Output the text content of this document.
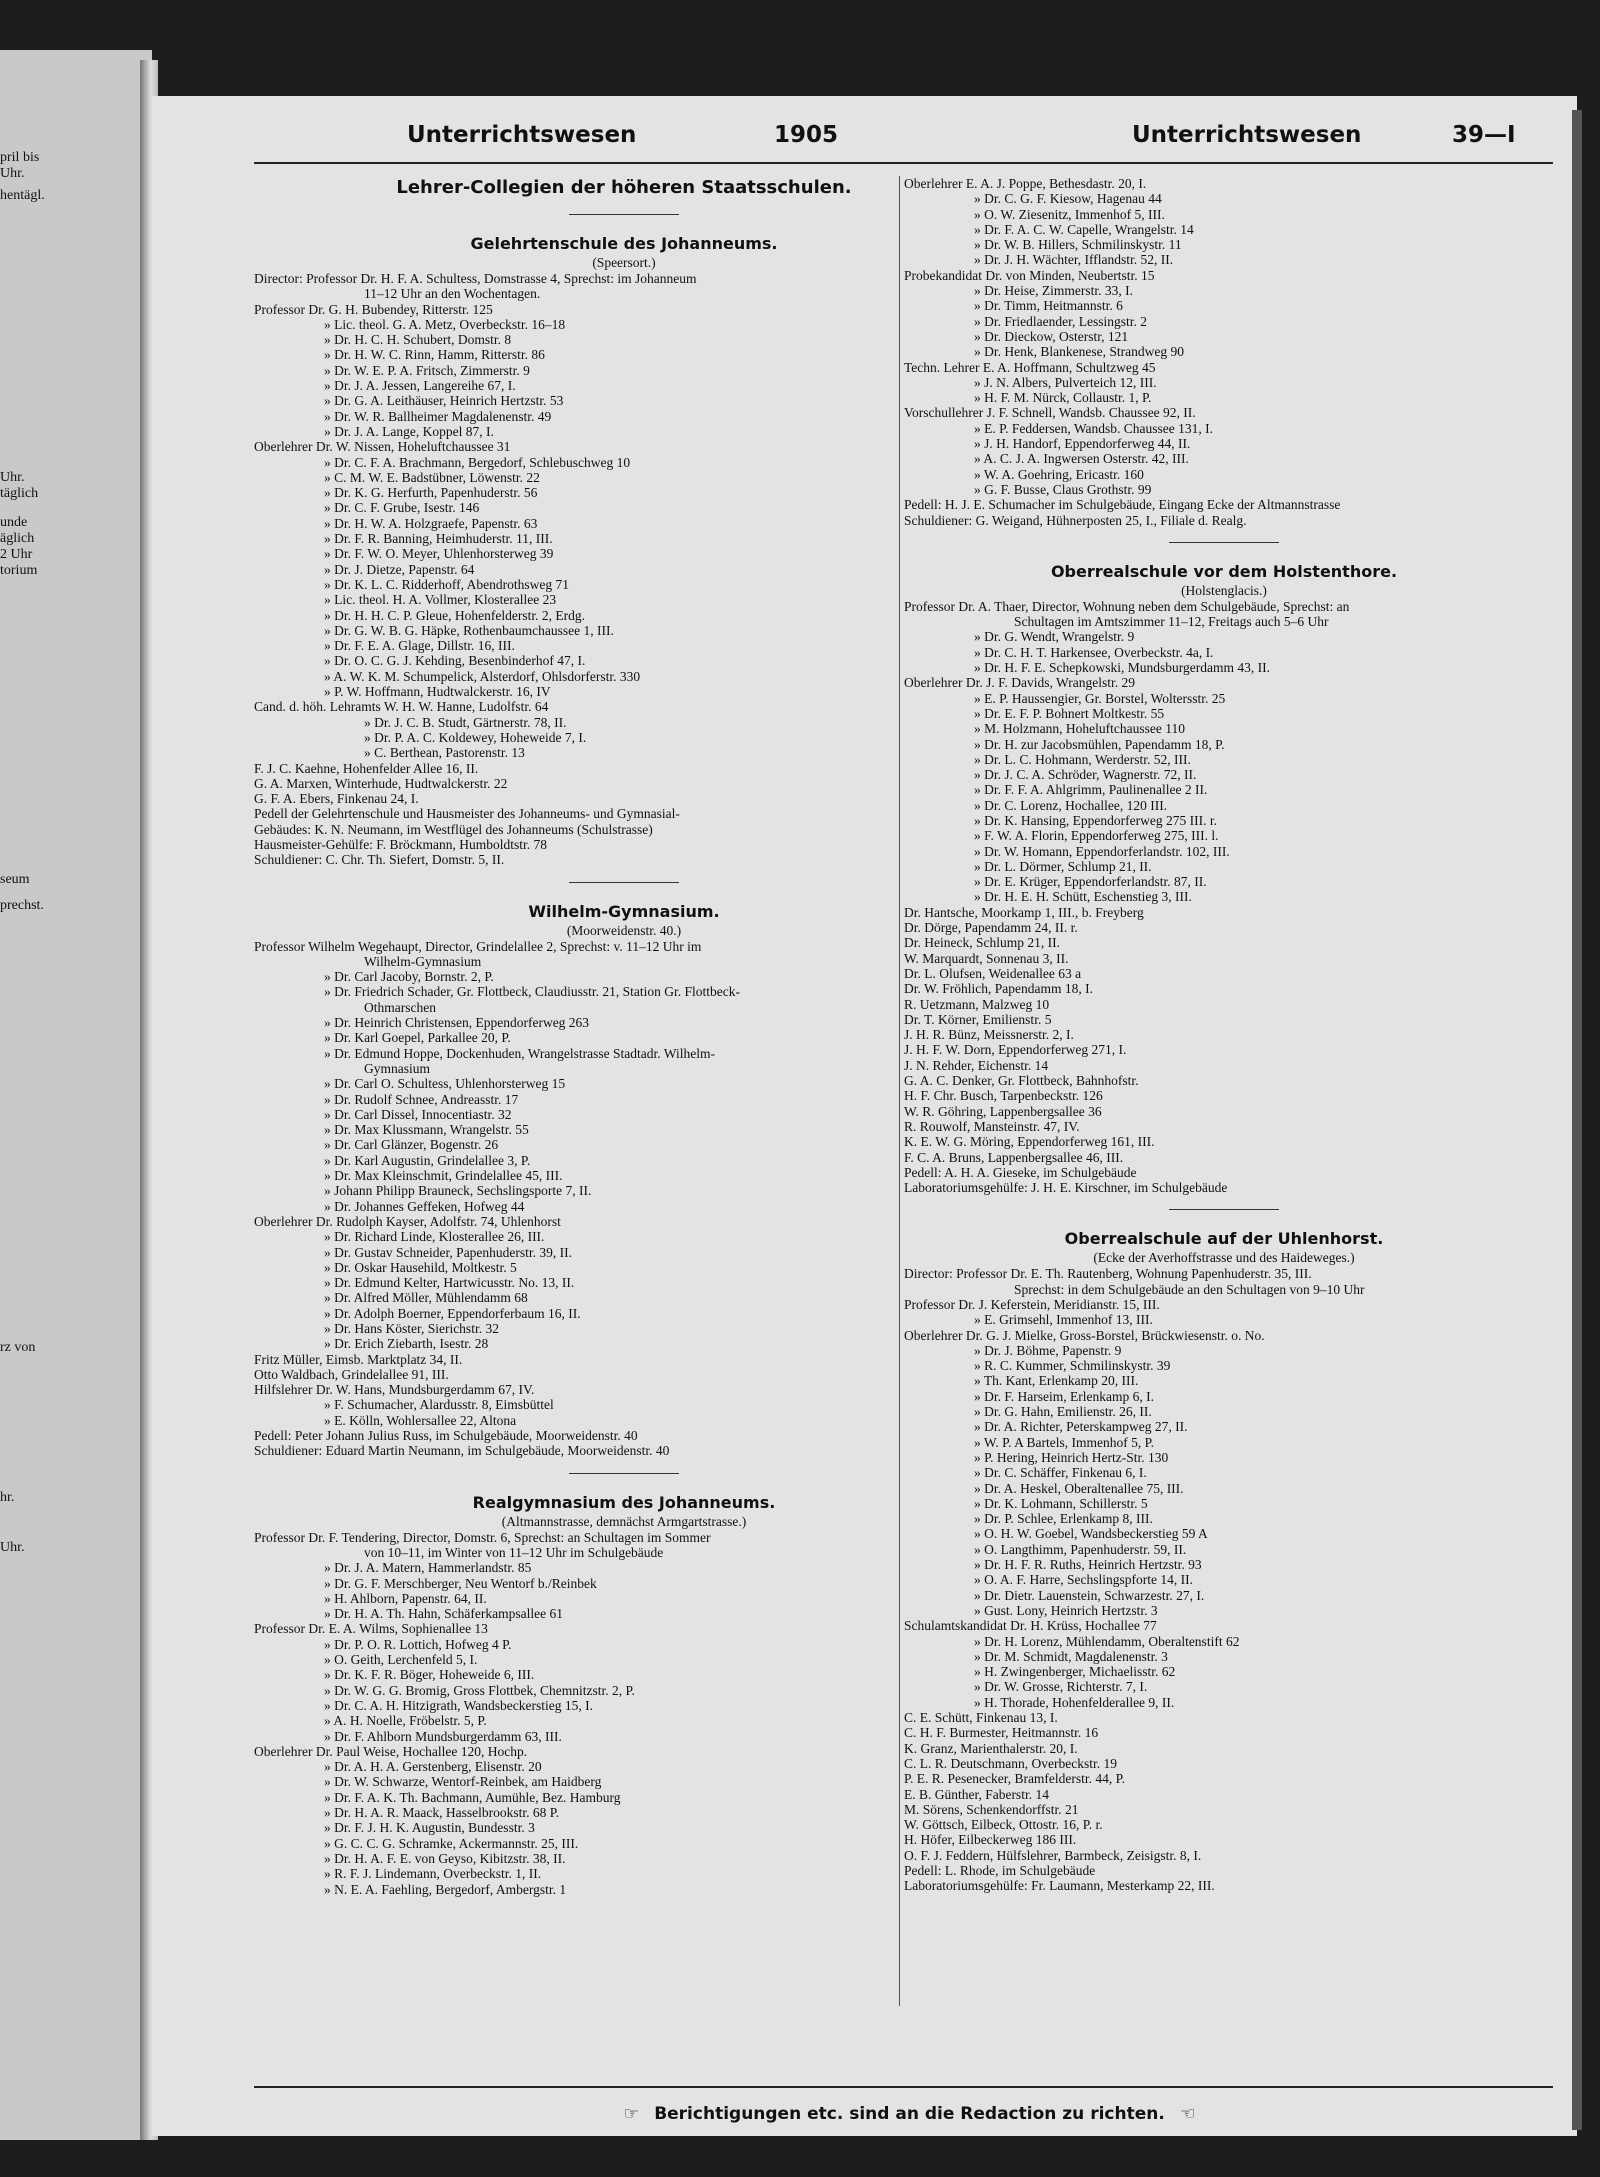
pril bis
Uhr.
hentägl.
Uhr.
täglich
unde
äglich
2 Uhr
torium
seum
prechst.
rz von
hr.
Uhr.
Unterrichtswesen	1905	Unterrichtswesen	39—I
Lehrer-Collegien der höheren Staatsschulen.
Gelehrtenschule des Johanneums.
(Speersort.)
Director: Professor Dr. H. F. A. Schultess, Domstrasse 4, Sprechst: im Johanneum
11–12 Uhr an den Wochentagen.
Professor Dr. G. H. Bubendey, Ritterstr. 125
» Lic. theol. G. A. Metz, Overbeckstr. 16–18
» Dr. H. C. H. Schubert, Domstr. 8
» Dr. H. W. C. Rinn, Hamm, Ritterstr. 86
» Dr. W. E. P. A. Fritsch, Zimmerstr. 9
» Dr. J. A. Jessen, Langereihe 67, I.
» Dr. G. A. Leithäuser, Heinrich Hertzstr. 53
» Dr. W. R. Ballheimer Magdalenenstr. 49
» Dr. J. A. Lange, Koppel 87, I.
Oberlehrer Dr. W. Nissen, Hoheluftchaussee 31
» Dr. C. F. A. Brachmann, Bergedorf, Schlebuschweg 10
» C. M. W. E. Badstübner, Löwenstr. 22
» Dr. K. G. Herfurth, Papenhuderstr. 56
» Dr. C. F. Grube, Isestr. 146
» Dr. H. W. A. Holzgraefe, Papenstr. 63
» Dr. F. R. Banning, Heimhuderstr. 11, III.
» Dr. F. W. O. Meyer, Uhlenhorsterweg 39
» Dr. J. Dietze, Papenstr. 64
» Dr. K. L. C. Ridderhoff, Abendrothsweg 71
» Lic. theol. H. A. Vollmer, Klosterallee 23
» Dr. H. H. C. P. Gleue, Hohenfelderstr. 2, Erdg.
» Dr. G. W. B. G. Häpke, Rothenbaumchaussee 1, III.
» Dr. F. E. A. Glage, Dillstr. 16, III.
» Dr. O. C. G. J. Kehding, Besenbinderhof 47, I.
» A. W. K. M. Schumpelick, Alsterdorf, Ohlsdorferstr. 330
» P. W. Hoffmann, Hudtwalckerstr. 16, IV
Cand. d. höh. Lehramts W. H. W. Hanne, Ludolfstr. 64
» Dr. J. C. B. Studt, Gärtnerstr. 78, II.
» Dr. P. A. C. Koldewey, Hoheweide 7, I.
» C. Berthean, Pastorenstr. 13
F. J. C. Kaehne, Hohenfelder Allee 16, II.
G. A. Marxen, Winterhude, Hudtwalckerstr. 22
G. F. A. Ebers, Finkenau 24, I.
Pedell der Gelehrtenschule und Hausmeister des Johanneums- und Gymnasial-
Gebäudes: K. N. Neumann, im Westflügel des Johanneums (Schulstrasse)
Hausmeister-Gehülfe: F. Bröckmann, Humboldtstr. 78
Schuldiener: C. Chr. Th. Siefert, Domstr. 5, II.
Wilhelm-Gymnasium.
(Moorweidenstr. 40.)
Professor Wilhelm Wegehaupt, Director, Grindelallee 2, Sprechst: v. 11–12 Uhr im
Wilhelm-Gymnasium
» Dr. Carl Jacoby, Bornstr. 2, P.
» Dr. Friedrich Schader, Gr. Flottbeck, Claudiusstr. 21, Station Gr. Flottbeck-
Othmarschen
» Dr. Heinrich Christensen, Eppendorferweg 263
» Dr. Karl Goepel, Parkallee 20, P.
» Dr. Edmund Hoppe, Dockenhuden, Wrangelstrasse Stadtadr. Wilhelm-
Gymnasium
» Dr. Carl O. Schultess, Uhlenhorsterweg 15
» Dr. Rudolf Schnee, Andreasstr. 17
» Dr. Carl Dissel, Innocentiastr. 32
» Dr. Max Klussmann, Wrangelstr. 55
» Dr. Carl Glänzer, Bogenstr. 26
» Dr. Karl Augustin, Grindelallee 3, P.
» Dr. Max Kleinschmit, Grindelallee 45, III.
» Johann Philipp Brauneck, Sechslingsporte 7, II.
» Dr. Johannes Geffeken, Hofweg 44
Oberlehrer Dr. Rudolph Kayser, Adolfstr. 74, Uhlenhorst
» Dr. Richard Linde, Klosterallee 26, III.
» Dr. Gustav Schneider, Papenhuderstr. 39, II.
» Dr. Oskar Hausehild, Moltkestr. 5
» Dr. Edmund Kelter, Hartwicusstr. No. 13, II.
» Dr. Alfred Möller, Mühlendamm 68
» Dr. Adolph Boerner, Eppendorferbaum 16, II.
» Dr. Hans Köster, Sierichstr. 32
» Dr. Erich Ziebarth, Isestr. 28
Fritz Müller, Eimsb. Marktplatz 34, II.
Otto Waldbach, Grindelallee 91, III.
Hilfslehrer Dr. W. Hans, Mundsburgerdamm 67, IV.
» F. Schumacher, Alardusstr. 8, Eimsbüttel
» E. Kölln, Wohlersallee 22, Altona
Pedell: Peter Johann Julius Russ, im Schulgebäude, Moorweidenstr. 40
Schuldiener: Eduard Martin Neumann, im Schulgebäude, Moorweidenstr. 40
Realgymnasium des Johanneums.
(Altmannstrasse, demnächst Armgartstrasse.)
Professor Dr. F. Tendering, Director, Domstr. 6, Sprechst: an Schultagen im Sommer
von 10–11, im Winter von 11–12 Uhr im Schulgebäude
» Dr. J. A. Matern, Hammerlandstr. 85
» Dr. G. F. Merschberger, Neu Wentorf b./Reinbek
» H. Ahlborn, Papenstr. 64, II.
» Dr. H. A. Th. Hahn, Schäferkampsallee 61
Professor Dr. E. A. Wilms, Sophienallee 13
» Dr. P. O. R. Lottich, Hofweg 4 P.
» O. Geith, Lerchenfeld 5, I.
» Dr. K. F. R. Böger, Hoheweide 6, III.
» Dr. W. G. G. Bromig, Gross Flottbek, Chemnitzstr. 2, P.
» Dr. C. A. H. Hitzigrath, Wandsbeckerstieg 15, I.
» A. H. Noelle, Fröbelstr. 5, P.
» Dr. F. Ahlborn Mundsburgerdamm 63, III.
Oberlehrer Dr. Paul Weise, Hochallee 120, Hochp.
» Dr. A. H. A. Gerstenberg, Elisenstr. 20
» Dr. W. Schwarze, Wentorf-Reinbek, am Haidberg
» Dr. F. A. K. Th. Bachmann, Aumühle, Bez. Hamburg
» Dr. H. A. R. Maack, Hasselbrookstr. 68 P.
» Dr. F. J. H. K. Augustin, Bundesstr. 3
» G. C. C. G. Schramke, Ackermannstr. 25, III.
» Dr. H. A. F. E. von Geyso, Kibitzstr. 38, II.
» R. F. J. Lindemann, Overbeckstr. 1, II.
» N. E. A. Faehling, Bergedorf, Ambergstr. 1
Oberlehrer E. A. J. Poppe, Bethesdastr. 20, I.
» Dr. C. G. F. Kiesow, Hagenau 44
» O. W. Ziesenitz, Immenhof 5, III.
» Dr. F. A. C. W. Capelle, Wrangelstr. 14
» Dr. W. B. Hillers, Schmilinskystr. 11
» Dr. J. H. Wächter, Ifflandstr. 52, II.
Probekandidat Dr. von Minden, Neubertstr. 15
» Dr. Heise, Zimmerstr. 33, I.
» Dr. Timm, Heitmannstr. 6
» Dr. Friedlaender, Lessingstr. 2
» Dr. Dieckow, Osterstr, 121
» Dr. Henk, Blankenese, Strandweg 90
Techn. Lehrer E. A. Hoffmann, Schultzweg 45
» J. N. Albers, Pulverteich 12, III.
» H. F. M. Nürck, Collaustr. 1, P.
Vorschullehrer J. F. Schnell, Wandsb. Chaussee 92, II.
» E. P. Feddersen, Wandsb. Chaussee 131, I.
» J. H. Handorf, Eppendorferweg 44, II.
» A. C. J. A. Ingwersen Osterstr. 42, III.
» W. A. Goehring, Ericastr. 160
» G. F. Busse, Claus Grothstr. 99
Pedell: H. J. E. Schumacher im Schulgebäude, Eingang Ecke der Altmannstrasse
Schuldiener: G. Weigand, Hühnerposten 25, I., Filiale d. Realg.
Oberrealschule vor dem Holstenthore.
(Holstenglacis.)
Professor Dr. A. Thaer, Director, Wohnung neben dem Schulgebäude, Sprechst: an
Schultagen im Amtszimmer 11–12, Freitags auch 5–6 Uhr
» Dr. G. Wendt, Wrangelstr. 9
» Dr. C. H. T. Harkensee, Overbeckstr. 4a, I.
» Dr. H. F. E. Schepkowski, Mundsburgerdamm 43, II.
Oberlehrer Dr. J. F. Davids, Wrangelstr. 29
» E. P. Haussengier, Gr. Borstel, Woltersstr. 25
» Dr. E. F. P. Bohnert Moltkestr. 55
» M. Holzmann, Hoheluftchaussee 110
» Dr. H. zur Jacobsmühlen, Papendamm 18, P.
» Dr. L. C. Hohmann, Werderstr. 52, III.
» Dr. J. C. A. Schröder, Wagnerstr. 72, II.
» Dr. F. F. A. Ahlgrimm, Paulinenallee 2 II.
» Dr. C. Lorenz, Hochallee, 120 III.
» Dr. K. Hansing, Eppendorferweg 275 III. r.
» F. W. A. Florin, Eppendorferweg 275, III. l.
» Dr. W. Homann, Eppendorferlandstr. 102, III.
» Dr. L. Dörmer, Schlump 21, II.
» Dr. E. Krüger, Eppendorferlandstr. 87, II.
» Dr. H. E. H. Schütt, Eschenstieg 3, III.
Dr. Hantsche, Moorkamp 1, III., b. Freyberg
Dr. Dörge, Papendamm 24, II. r.
Dr. Heineck, Schlump 21, II.
W. Marquardt, Sonnenau 3, II.
Dr. L. Olufsen, Weidenallee 63 a
Dr. W. Fröhlich, Papendamm 18, I.
R. Uetzmann, Malzweg 10
Dr. T. Körner, Emilienstr. 5
J. H. R. Bünz, Meissnerstr. 2, I.
J. H. F. W. Dorn, Eppendorferweg 271, I.
J. N. Rehder, Eichenstr. 14
G. A. C. Denker, Gr. Flottbeck, Bahnhofstr.
H. F. Chr. Busch, Tarpenbeckstr. 126
W. R. Göhring, Lappenbergsallee 36
R. Rouwolf, Mansteinstr. 47, IV.
K. E. W. G. Möring, Eppendorferweg 161, III.
F. C. A. Bruns, Lappenbergsallee 46, III.
Pedell: A. H. A. Gieseke, im Schulgebäude
Laboratoriumsgehülfe: J. H. E. Kirschner, im Schulgebäude
Oberrealschule auf der Uhlenhorst.
(Ecke der Averhoffstrasse und des Haideweges.)
Director: Professor Dr. E. Th. Rautenberg, Wohnung Papenhuderstr. 35, III.
Sprechst: in dem Schulgebäude an den Schultagen von 9–10 Uhr
Professor Dr. J. Keferstein, Meridianstr. 15, III.
» E. Grimsehl, Immenhof 13, III.
Oberlehrer Dr. G. J. Mielke, Gross-Borstel, Brückwiesenstr. o. No.
» Dr. J. Böhme, Papenstr. 9
» R. C. Kummer, Schmilinskystr. 39
» Th. Kant, Erlenkamp 20, III.
» Dr. F. Harseim, Erlenkamp 6, I.
» Dr. G. Hahn, Emilienstr. 26, II.
» Dr. A. Richter, Peterskampweg 27, II.
» W. P. A Bartels, Immenhof 5, P.
» P. Hering, Heinrich Hertz-Str. 130
» Dr. C. Schäffer, Finkenau 6, I.
» Dr. A. Heskel, Oberaltenallee 75, III.
» Dr. K. Lohmann, Schillerstr. 5
» Dr. P. Schlee, Erlenkamp 8, III.
» O. H. W. Goebel, Wandsbeckerstieg 59 A
» O. Langthimm, Papenhuderstr. 59, II.
» Dr. H. F. R. Ruths, Heinrich Hertzstr. 93
» O. A. F. Harre, Sechslingspforte 14, II.
» Dr. Dietr. Lauenstein, Schwarzestr. 27, I.
» Gust. Lony, Heinrich Hertzstr. 3
Schulamtskandidat Dr. H. Krüss, Hochallee 77
» Dr. H. Lorenz, Mühlendamm, Oberaltenstift 62
» Dr. M. Schmidt, Magdalenenstr. 3
» H. Zwingenberger, Michaelisstr. 62
» Dr. W. Grosse, Richterstr. 7, I.
» H. Thorade, Hohenfelderallee 9, II.
C. E. Schütt, Finkenau 13, I.
C. H. F. Burmester, Heitmannstr. 16
K. Granz, Marienthalerstr. 20, I.
C. L. R. Deutschmann, Overbeckstr. 19
P. E. R. Pesenecker, Bramfelderstr. 44, P.
E. B. Günther, Faberstr. 14
M. Sörens, Schenkendorffstr. 21
W. Göttsch, Eilbeck, Ottostr. 16, P. r.
H. Höfer, Eilbeckerweg 186 III.
O. F. J. Feddern, Hülfslehrer, Barmbeck, Zeisigstr. 8, I.
Pedell: L. Rhode, im Schulgebäude
Laboratoriumsgehülfe: Fr. Laumann, Mesterkamp 22, III.
☞ Berichtigungen etc. sind an die Redaction zu richten. ☜
